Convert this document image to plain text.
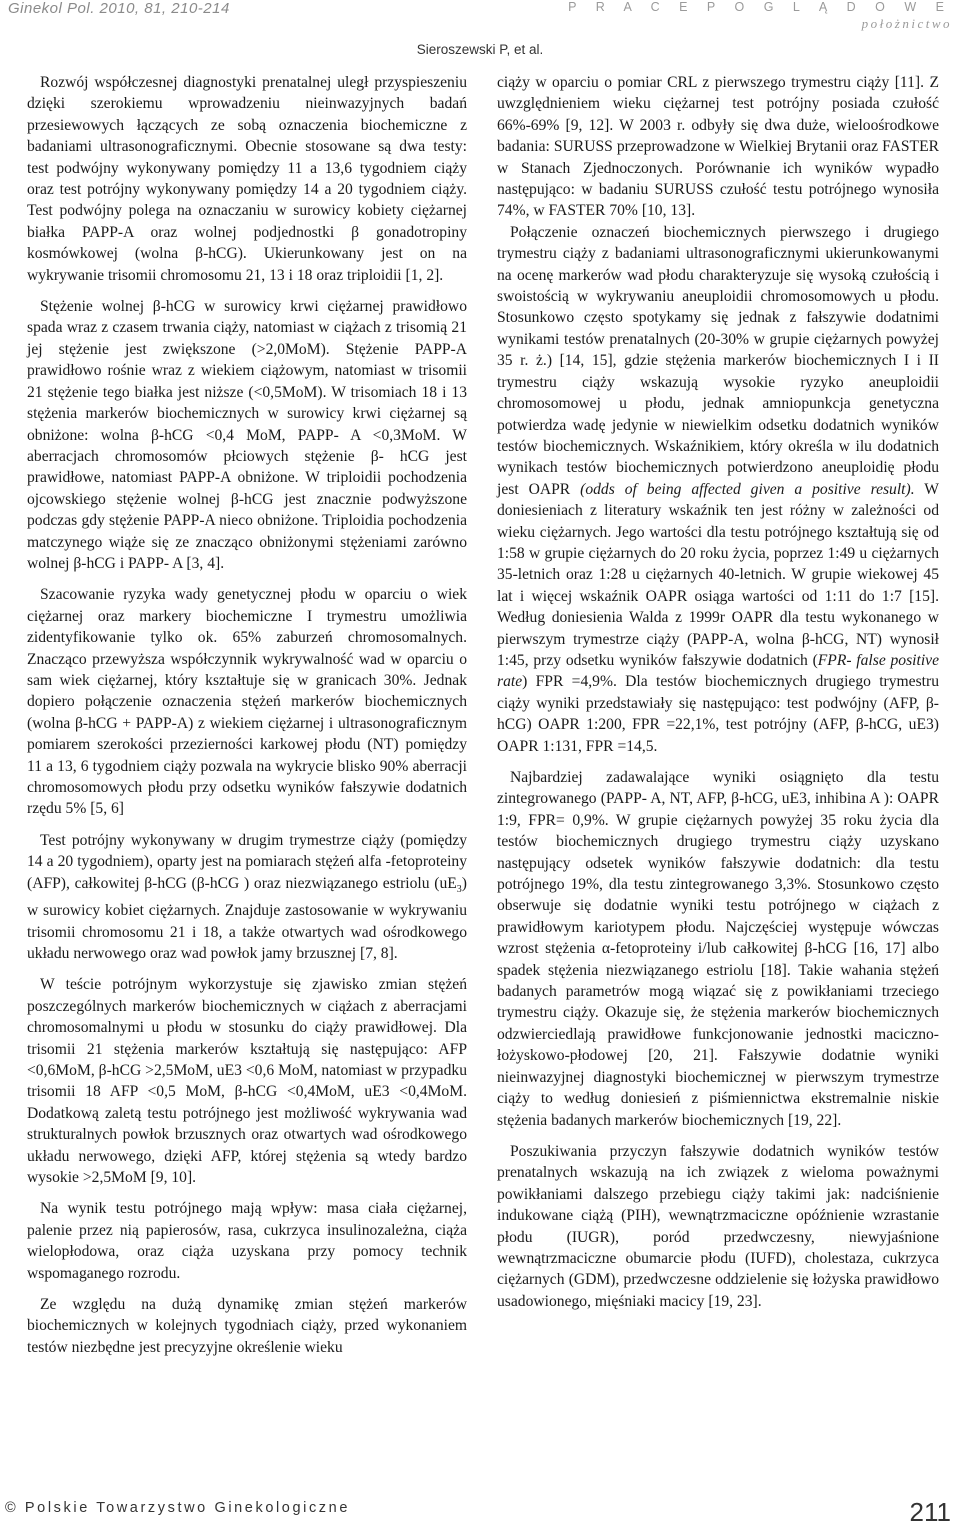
Ginekol Pol. 2010, 81, 210-214	P R A C E P O G L Ą D O W E
położnictwo
Sieroszewski P, et al.

Rozwój współczesnej diagnostyki prenatalnej uległ przyspieszeniu dzięki szerokiemu wprowadzeniu nieinwazyjnych badań przesiewowych łączących ze sobą oznaczenia biochemiczne z badaniami ultrasonograficznymi. Obecnie stosowane są dwa testy: test podwójny wykonywany pomiędzy 11 a 13,6 tygodniem ciąży oraz test potrójny wykonywany pomiędzy 14 a 20 tygodniem ciąży. Test podwójny polega na oznaczaniu w surowicy kobiety ciężarnej białka PAPP-A oraz wolnej podjednostki β gonadotropiny kosmówkowej (wolna β-hCG). Ukierunkowany jest on na wykrywanie trisomii chromosomu 21, 13 i 18 oraz triploidii [1, 2].

Stężenie wolnej β-hCG w surowicy krwi ciężarnej prawidłowo spada wraz z czasem trwania ciąży, natomiast w ciążach z trisomią 21 jej stężenie jest zwiększone (>2,0MoM). Stężenie PAPP-A prawidłowo rośnie wraz z wiekiem ciążowym, natomiast w trisomii 21 stężenie tego białka jest niższe (<0,5MoM). W trisomiach 18 i 13 stężenia markerów biochemicznych w surowicy krwi ciężarnej są obniżone: wolna β-hCG <0,4 MoM, PAPP- A <0,3MoM. W aberracjach chromosomów płciowych stężenie β- hCG jest prawidłowe, natomiast PAPP-A obniżone. W triploidii pochodzenia ojcowskiego stężenie wolnej β-hCG jest znacznie podwyższone podczas gdy stężenie PAPP-A nieco obniżone. Triploidia pochodzenia matczynego wiąże się ze znacząco obniżonymi stężeniami zarówno wolnej β-hCG i PAPP- A [3, 4].

Szacowanie ryzyka wady genetycznej płodu w oparciu o wiek ciężarnej oraz markery biochemiczne I trymestru umożliwia zidentyfikowanie tylko ok. 65% zaburzeń chromosomalnych. Znacząco przewyższa współczynnik wykrywalność wad w oparciu o sam wiek ciężarnej, który kształtuje się w granicach 30%. Jednak dopiero połączenie oznaczenia stężeń markerów biochemicznych (wolna β-hCG + PAPP-A) z wiekiem ciężarnej i ultrasonograficznym pomiarem szerokości przezierności karkowej płodu (NT) pomiędzy 11 a 13, 6 tygodniem ciąży pozwala na wykrycie blisko 90% aberracji chromosomowych płodu przy odsetku wyników fałszywie dodatnich rzędu 5% [5, 6]

Test potrójny wykonywany w drugim trymestrze ciąży (pomiędzy 14 a 20 tygodniem), oparty jest na pomiarach stężeń alfa -fetoproteiny (AFP), całkowitej β-hCG (β-hCG ) oraz niezwiązanego estriolu $(uE_3)$ w surowicy kobiet ciężarnych. Znajduje zastosowanie w wykrywaniu trisomii chromosomu 21 i 18, a także otwartych wad ośrodkowego układu nerwowego oraz wad powłok jamy brzusznej [7, 8].

W teście potrójnym wykorzystuje się zjawisko zmian stężeń poszczególnych markerów biochemicznych w ciążach z aberracjami chromosomalnymi u płodu w stosunku do ciąży prawidłowej. Dla trisomii 21 stężenia markerów kształtują się następująco: AFP <0,6MoM, β-hCG >2,5MoM, uE3 <0,6 MoM, natomiast w przypadku trisomii 18 AFP <0,5 MoM, β-hCG <0,4MoM, uE3 <0,4MoM. Dodatkową zaletą testu potrójnego jest możliwość wykrywania wad strukturalnych powłok brzusznych oraz otwartych wad ośrodkowego układu nerwowego, dzięki AFP, której stężenia są wtedy bardzo wysokie >2,5MoM [9, 10].

Na wynik testu potrójnego mają wpływ: masa ciała ciężarnej, palenie przez nią papierosów, rasa, cukrzyca insulinozależna, ciąża wielopłodowa, oraz ciąża uzyskana przy pomocy technik wspomaganego rozrodu.

Ze względu na dużą dynamikę zmian stężeń markerów biochemicznych w kolejnych tygodniach ciąży, przed wykonaniem testów niezbędne jest precyzyjne określenie wieku

ciąży w oparciu o pomiar CRL z pierwszego trymestru ciąży [11]. Z uwzględnieniem wieku ciężarnej test potrójny posiada czułość 66%-69% [9, 12]. W 2003 r. odbyły się dwa duże, wieloośrodkowe badania: SURUSS przeprowadzone w Wielkiej Brytanii oraz FASTER w Stanach Zjednoczonych. Porównanie ich wyników wypadło następująco: w badaniu SURUSS czułość testu potrójnego wynosiła 74%, w FASTER 70% [10, 13].

Połączenie oznaczeń biochemicznych pierwszego i drugiego trymestru ciąży z badaniami ultrasonograficznymi ukierunkowanymi na ocenę markerów wad płodu charakteryzuje się wysoką czułością i swoistością w wykrywaniu aneuploidii chromosomowych u płodu. Stosunkowo często spotykamy się jednak z fałszywie dodatnimi wynikami testów prenatalnych (20-30% w grupie ciężarnych powyżej 35 r. ż.) [14, 15], gdzie stężenia markerów biochemicznych I i II trymestru ciąży wskazują wysokie ryzyko aneuploidii chromosomowej u płodu, jednak amniopunkcja genetyczna potwierdza wadę jedynie w niewielkim odsetku dodatnich wyników testów biochemicznych. Wskaźnikiem, który określa w ilu dodatnich wynikach testów biochemicznych potwierdzono aneuploidię płodu jest OAPR (odds of being affected given a positive result). W doniesieniach z literatury wskaźnik ten jest różny w zależności od wieku ciężarnych. Jego wartości dla testu potrójnego kształtują się od 1:58 w grupie ciężarnych do 20 roku życia, poprzez 1:49 u ciężarnych 35-letnich oraz 1:28 u ciężarnych 40-letnich. W grupie wiekowej 45 lat i więcej wskaźnik OAPR osiąga wartości od 1:11 do 1:7 [15]. Według doniesienia Walda z 1999r OAPR dla testu wykonanego w pierwszym trymestrze ciąży (PAPP-A, wolna β-hCG, NT) wynosił 1:45, przy odsetku wyników fałszywie dodatnich (FPR- false positive rate) FPR =4,9%. Dla testów biochemicznych drugiego trymestru ciąży wyniki przedstawiały się następująco: test podwójny (AFP, β-hCG) OAPR 1:200, FPR =22,1%, test potrójny (AFP, β-hCG, uE3) OAPR 1:131, FPR =14,5.

Najbardziej zadawalające wyniki osiągnięto dla testu zintegrowanego (PAPP- A, NT, AFP, β-hCG, uE3, inhibina A ): OAPR 1:9, FPR= 0,9%. W grupie ciężarnych powyżej 35 roku życia dla testów biochemicznych drugiego trymestru ciąży uzyskano następujący odsetek wyników fałszywie dodatnich: dla testu potrójnego 19%, dla testu zintegrowanego 3,3%. Stosunkowo często obserwuje się dodatnie wyniki testu potrójnego w ciążach z prawidłowym kariotypem płodu. Najczęściej występuje wówczas wzrost stężenia α-fetoproteiny i/lub całkowitej β-hCG [16, 17] albo spadek stężenia niezwiązanego estriolu [18]. Takie wahania stężeń badanych parametrów mogą wiązać się z powikłaniami trzeciego trymestru ciąży. Okazuje się, że stężenia markerów biochemicznych odzwierciedlają prawidłowe funkcjonowanie jednostki maciczno-łożyskowo-płodowej [20, 21]. Fałszywie dodatnie wyniki nieinwazyjnej diagnostyki biochemicznej w pierwszym trymestrze ciąży to według doniesień z piśmiennictwa ekstremalnie niskie stężenia badanych markerów biochemicznych [19, 22].

Poszukiwania przyczyn fałszywie dodatnich wyników testów prenatalnych wskazują na ich związek z wieloma poważnymi powikłaniami dalszego przebiegu ciąży takimi jak: nadciśnienie indukowane ciążą (PIH), wewnątrzmaciczne opóźnienie wzrastanie płodu (IUGR), poród przedwczesny, niewyjaśnione wewnątrzmaciczne obumarcie płodu (IUFD), cholestaza, cukrzyca ciężarnych (GDM), przedwczesne oddzielenie się łożyska prawidłowo usadowionego, mięśniaki macicy [19, 23].

© Polskie Towarzystwo Ginekologiczne	211
